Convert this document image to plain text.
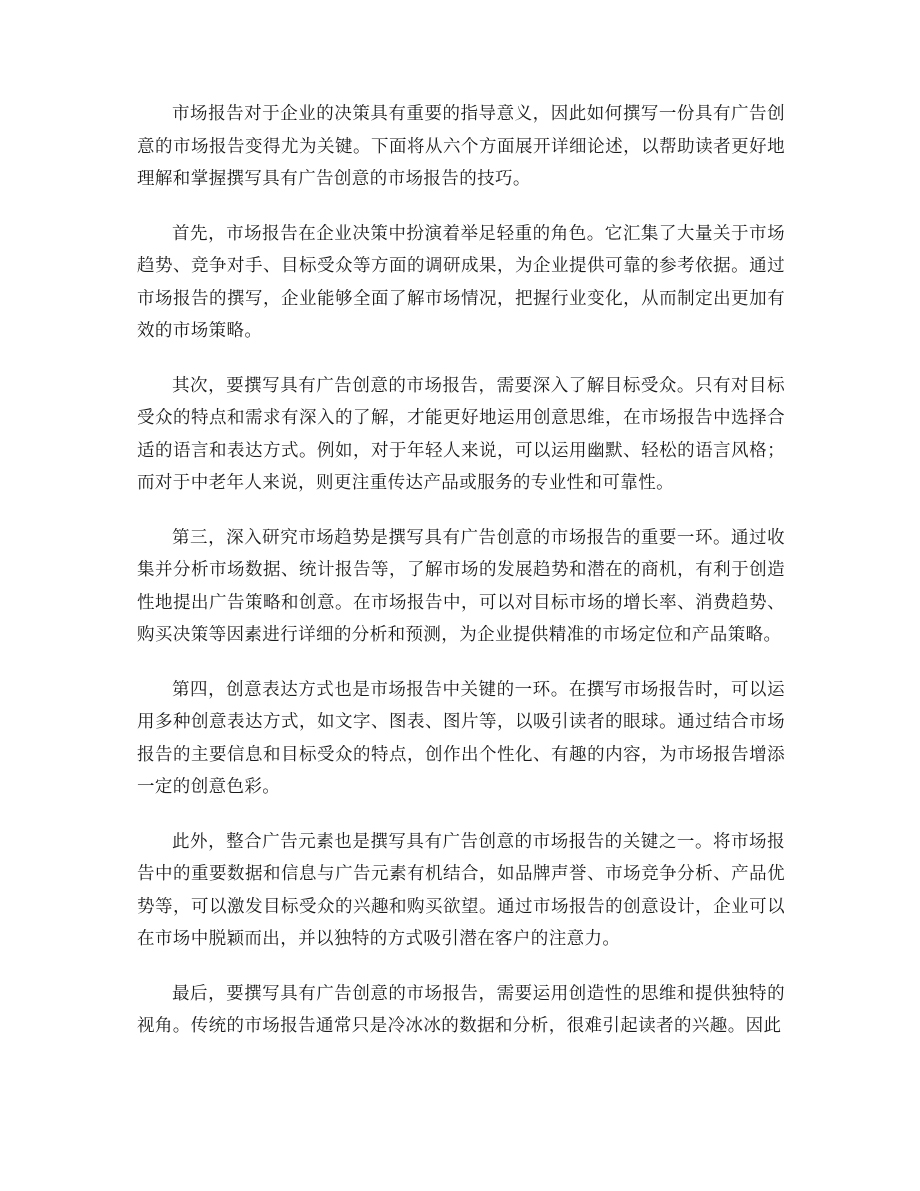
市场报告对于企业的决策具有重要的指导意义，因此如何撰写一份具有广告创意的市场报告变得尤为关键。下面将从六个方面展开详细论述，以帮助读者更好地理解和掌握撰写具有广告创意的市场报告的技巧。

首先，市场报告在企业决策中扮演着举足轻重的角色。它汇集了大量关于市场趋势、竞争对手、目标受众等方面的调研成果，为企业提供可靠的参考依据。通过市场报告的撰写，企业能够全面了解市场情况，把握行业变化，从而制定出更加有效的市场策略。

其次，要撰写具有广告创意的市场报告，需要深入了解目标受众。只有对目标受众的特点和需求有深入的了解，才能更好地运用创意思维，在市场报告中选择合适的语言和表达方式。例如，对于年轻人来说，可以运用幽默、轻松的语言风格；而对于中老年人来说，则更注重传达产品或服务的专业性和可靠性。

第三，深入研究市场趋势是撰写具有广告创意的市场报告的重要一环。通过收集并分析市场数据、统计报告等，了解市场的发展趋势和潜在的商机，有利于创造性地提出广告策略和创意。在市场报告中，可以对目标市场的增长率、消费趋势、购买决策等因素进行详细的分析和预测，为企业提供精准的市场定位和产品策略。

第四，创意表达方式也是市场报告中关键的一环。在撰写市场报告时，可以运用多种创意表达方式，如文字、图表、图片等，以吸引读者的眼球。通过结合市场报告的主要信息和目标受众的特点，创作出个性化、有趣的内容，为市场报告增添一定的创意色彩。

此外，整合广告元素也是撰写具有广告创意的市场报告的关键之一。将市场报告中的重要数据和信息与广告元素有机结合，如品牌声誉、市场竞争分析、产品优势等，可以激发目标受众的兴趣和购买欲望。通过市场报告的创意设计，企业可以在市场中脱颖而出，并以独特的方式吸引潜在客户的注意力。

最后，要撰写具有广告创意的市场报告，需要运用创造性的思维和提供独特的视角。传统的市场报告通常只是冷冰冰的数据和分析，很难引起读者的兴趣。因此
